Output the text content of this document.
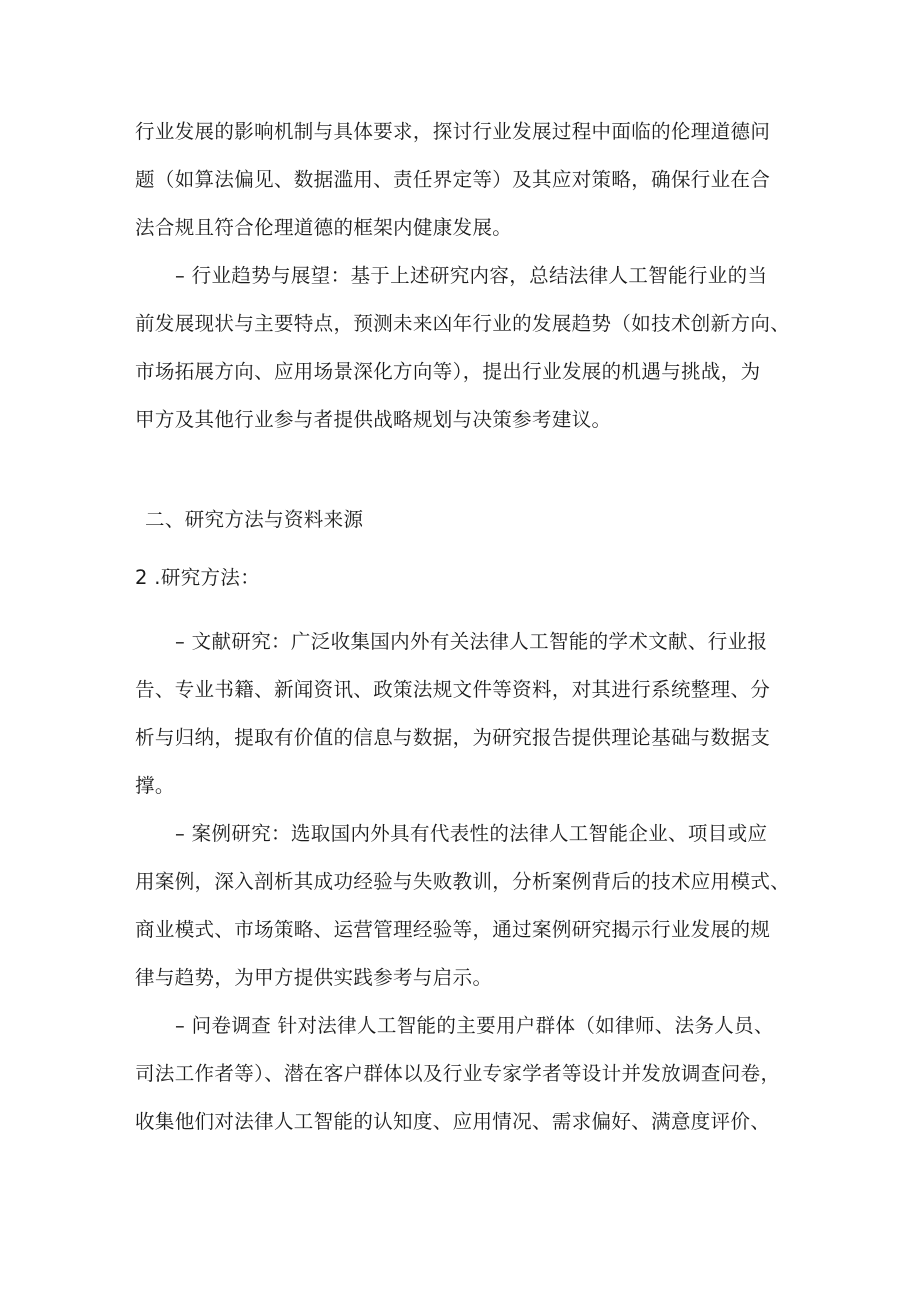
行业发展的影响机制与具体要求，探讨行业发展过程中面临的伦理道德问
题（如算法偏见、数据滥用、责任界定等）及其应对策略，确保行业在合
法合规且符合伦理道德的框架内健康发展。
– 行业趋势与展望：基于上述研究内容，总结法律人工智能行业的当
前发展现状与主要特点，预测未来凶年行业的发展趋势（如技术创新方向、
市场拓展方向、应用场景深化方向等），提出行业发展的机遇与挑战，为
甲方及其他行业参与者提供战略规划与决策参考建议。
二、研究方法与资料来源
2 .研究方法：
– 文献研究：广泛收集国内外有关法律人工智能的学术文献、行业报
告、专业书籍、新闻资讯、政策法规文件等资料，对其进行系统整理、分
析与归纳，提取有价值的信息与数据，为研究报告提供理论基础与数据支
撑。
– 案例研究：选取国内外具有代表性的法律人工智能企业、项目或应
用案例，深入剖析其成功经验与失败教训，分析案例背后的技术应用模式、
商业模式、市场策略、运营管理经验等，通过案例研究揭示行业发展的规
律与趋势，为甲方提供实践参考与启示。
– 问卷调查 针对法律人工智能的主要用户群体（如律师、法务人员、
司法工作者等）、潜在客户群体以及行业专家学者等设计并发放调查问卷，
收集他们对法律人工智能的认知度、应用情况、需求偏好、满意度评价、
